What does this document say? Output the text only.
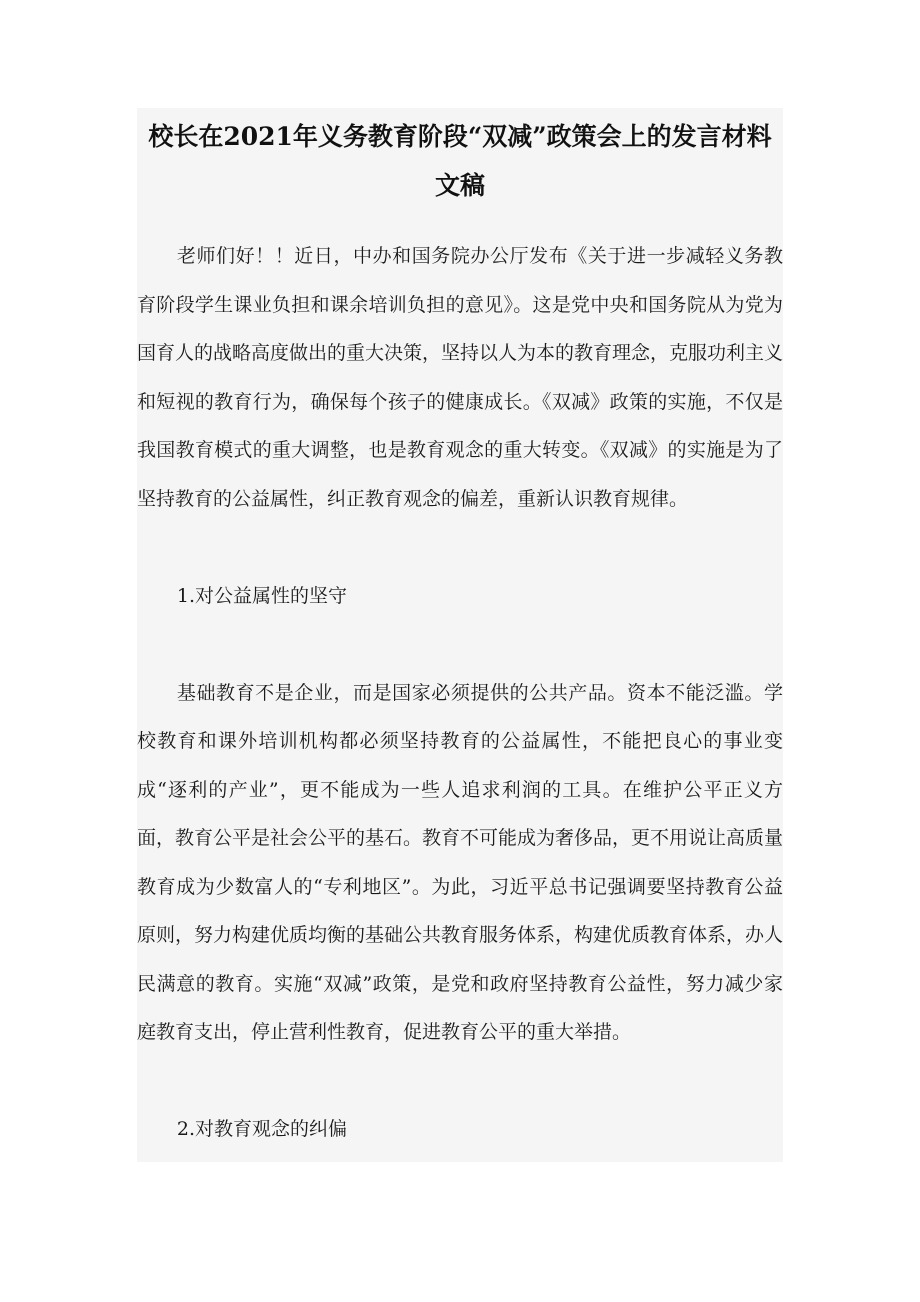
校长在2021年义务教育阶段“双减”政策会上的发言材料文稿

老师们好！！近日，中办和国务院办公厅发布《关于进一步减轻义务教育阶段学生课业负担和课余培训负担的意见》。这是党中央和国务院从为党为国育人的战略高度做出的重大决策，坚持以人为本的教育理念，克服功利主义和短视的教育行为，确保每个孩子的健康成长。《双减》政策的实施，不仅是我国教育模式的重大调整，也是教育观念的重大转变。《双减》的实施是为了坚持教育的公益属性，纠正教育观念的偏差，重新认识教育规律。

1.对公益属性的坚守

基础教育不是企业，而是国家必须提供的公共产品。资本不能泛滥。学校教育和课外培训机构都必须坚持教育的公益属性，不能把良心的事业变成“逐利的产业”，更不能成为一些人追求利润的工具。在维护公平正义方面，教育公平是社会公平的基石。教育不可能成为奢侈品，更不用说让高质量教育成为少数富人的“专利地区”。为此，习近平总书记强调要坚持教育公益原则，努力构建优质均衡的基础公共教育服务体系，构建优质教育体系，办人民满意的教育。实施“双减”政策，是党和政府坚持教育公益性，努力减少家庭教育支出，停止营利性教育，促进教育公平的重大举措。

2.对教育观念的纠偏
